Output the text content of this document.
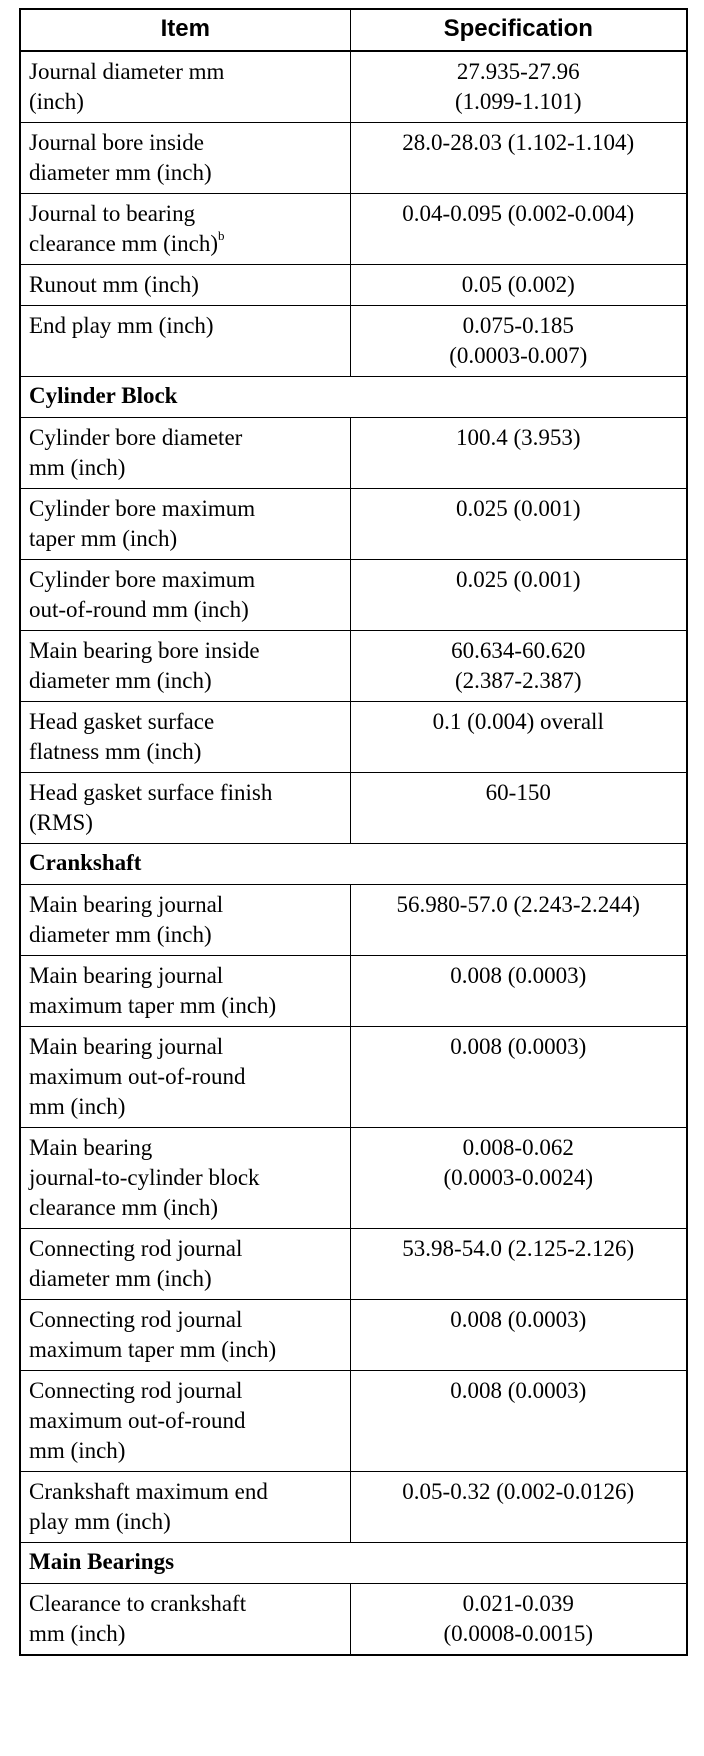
Item	Specification

Journal diameter mm
(inch)	27.935-27.96
(1.099-1.101)

Journal bore inside
diameter mm (inch)	28.0-28.03 (1.102-1.104)

Journal to bearing
clearance mm (inch)$^b$	0.04-0.095 (0.002-0.004)

Runout mm (inch)	0.05 (0.002)

End play mm (inch)	0.075-0.185
(0.0003-0.007)

Cylinder Block	

Cylinder bore diameter
mm (inch)	100.4 (3.953)

Cylinder bore maximum
taper mm (inch)	0.025 (0.001)

Cylinder bore maximum
out-of-round mm (inch)	0.025 (0.001)

Main bearing bore inside
diameter mm (inch)	60.634-60.620
(2.387-2.387)

Head gasket surface
flatness mm (inch)	0.1 (0.004) overall

Head gasket surface finish
(RMS)	60-150

Crankshaft	

Main bearing journal
diameter mm (inch)	56.980-57.0 (2.243-2.244)

Main bearing journal
maximum taper mm (inch)	0.008 (0.0003)

Main bearing journal
maximum out-of-round
mm (inch)	0.008 (0.0003)

Main bearing
journal-to-cylinder block
clearance mm (inch)	0.008-0.062
(0.0003-0.0024)

Connecting rod journal
diameter mm (inch)	53.98-54.0 (2.125-2.126)

Connecting rod journal
maximum taper mm (inch)	0.008 (0.0003)

Connecting rod journal
maximum out-of-round
mm (inch)	0.008 (0.0003)

Crankshaft maximum end
play mm (inch)	0.05-0.32 (0.002-0.0126)

Main Bearings	

Clearance to crankshaft
mm (inch)	0.021-0.039
(0.0008-0.0015)
